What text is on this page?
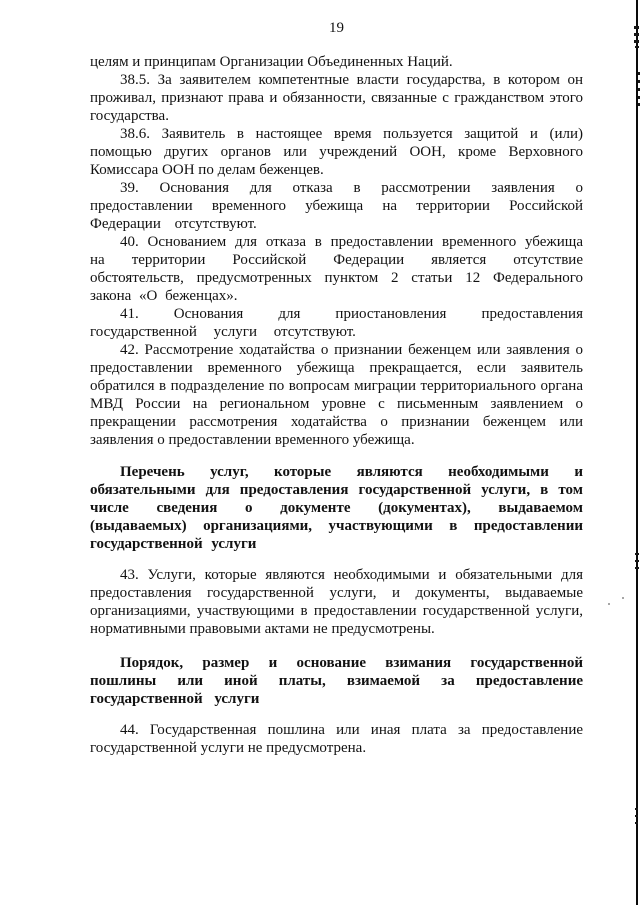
19

целям и принципам Организации Объединенных Наций.

38.5. За заявителем компетентные власти государства, в котором он проживал, признают права и обязанности, связанные с гражданством этого государства.

38.6. Заявитель в настоящее время пользуется защитой и (или) помощью других органов или учреждений ООН, кроме Верховного Комиссара ООН по делам беженцев.

39. Основания для отказа в рассмотрении заявления о предоставлении временного убежища на территории Российской Федерации отсутствуют.

40. Основанием для отказа в предоставлении временного убежища на территории Российской Федерации является отсутствие обстоятельств, предусмотренных пунктом 2 статьи 12 Федерального закона «О беженцах».

41. Основания для приостановления предоставления государственной услуги отсутствуют.

42. Рассмотрение ходатайства о признании беженцем или заявления о предоставлении временного убежища прекращается, если заявитель обратился в подразделение по вопросам миграции территориального органа МВД России на региональном уровне с письменным заявлением о прекращении рассмотрения ходатайства о признании беженцем или заявления о предоставлении временного убежища.

Перечень услуг, которые являются необходимыми и обязательными для предоставления государственной услуги, в том числе сведения о документе (документах), выдаваемом (выдаваемых) организациями, участвующими в предоставлении государственной услуги

43. Услуги, которые являются необходимыми и обязательными для предоставления государственной услуги, и документы, выдаваемые организациями, участвующими в предоставлении государственной услуги, нормативными правовыми актами не предусмотрены.

Порядок, размер и основание взимания государственной пошлины или иной платы, взимаемой за предоставление государственной услуги

44. Государственная пошлина или иная плата за предоставление государственной услуги не предусмотрена.
